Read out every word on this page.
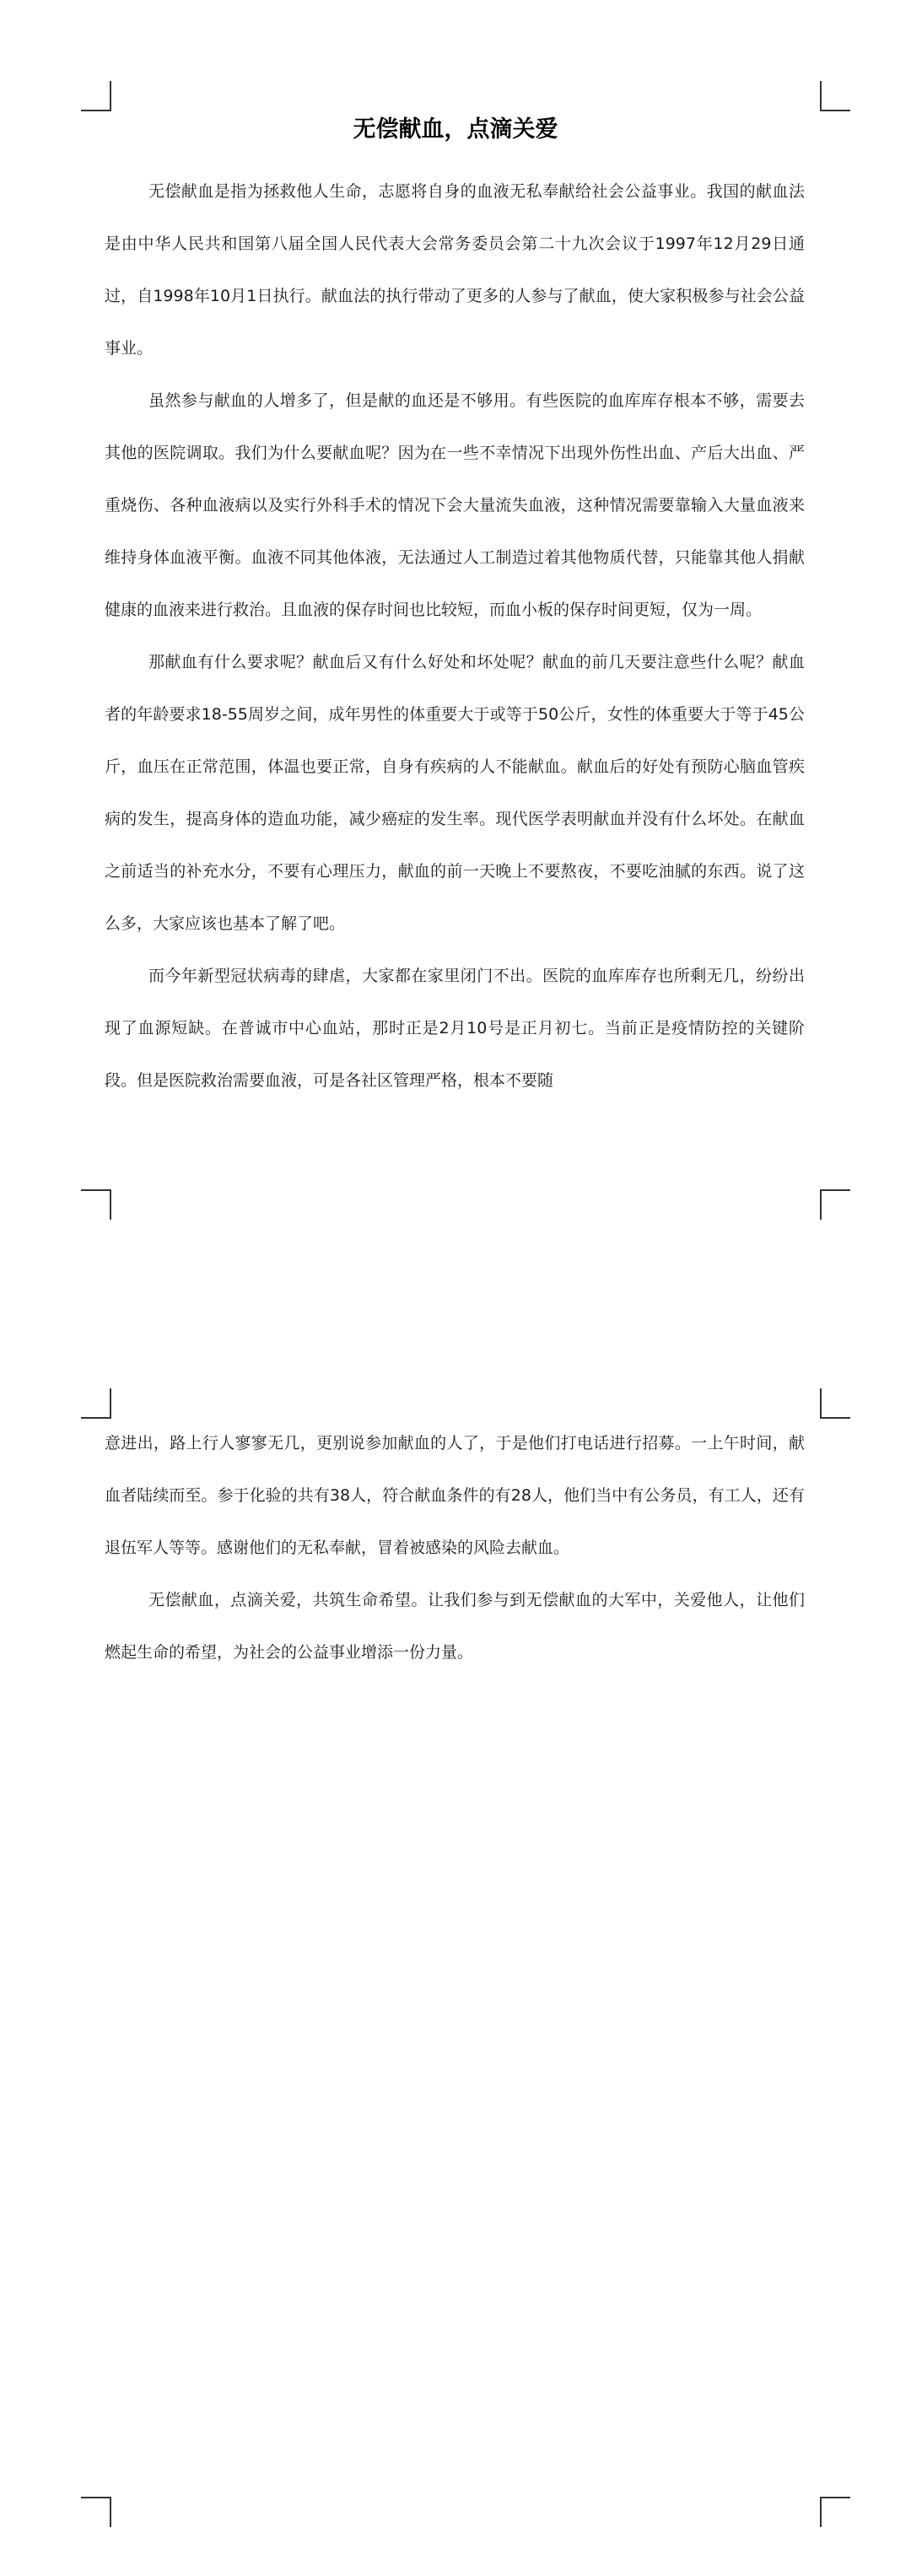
无偿献血，点滴关爱

无偿献血是指为拯救他人生命，志愿将自身的血液无私奉献给社会公益事业。我国的献血法是由中华人民共和国第八届全国人民代表大会常务委员会第二十九次会议于1997年12月29日通过，自1998年10月1日执行。献血法的执行带动了更多的人参与了献血，使大家积极参与社会公益事业。

虽然参与献血的人增多了，但是献的血还是不够用。有些医院的血库库存根本不够，需要去其他的医院调取。我们为什么要献血呢？因为在一些不幸情况下出现外伤性出血、产后大出血、严重烧伤、各种血液病以及实行外科手术的情况下会大量流失血液，这种情况需要靠输入大量血液来维持身体血液平衡。血液不同其他体液，无法通过人工制造过着其他物质代替，只能靠其他人捐献健康的血液来进行救治。且血液的保存时间也比较短，而血小板的保存时间更短，仅为一周。

那献血有什么要求呢？献血后又有什么好处和坏处呢？献血的前几天要注意些什么呢？献血者的年龄要求18-55周岁之间，成年男性的体重要大于或等于50公斤，女性的体重要大于等于45公斤，血压在正常范围，体温也要正常，自身有疾病的人不能献血。献血后的好处有预防心脑血管疾病的发生，提高身体的造血功能，减少癌症的发生率。现代医学表明献血并没有什么坏处。在献血之前适当的补充水分，不要有心理压力，献血的前一天晚上不要熬夜，不要吃油腻的东西。说了这么多，大家应该也基本了解了吧。

而今年新型冠状病毒的肆虐，大家都在家里闭门不出。医院的血库库存也所剩无几，纷纷出现了血源短缺。在普诚市中心血站，那时正是2月10号是正月初七。当前正是疫情防控的关键阶段。但是医院救治需要血液，可是各社区管理严格，根本不要随

意进出，路上行人寥寥无几，更别说参加献血的人了，于是他们打电话进行招募。一上午时间，献血者陆续而至。参于化验的共有38人，符合献血条件的有28人，他们当中有公务员，有工人，还有退伍军人等等。感谢他们的无私奉献，冒着被感染的风险去献血。

无偿献血，点滴关爱，共筑生命希望。让我们参与到无偿献血的大军中，关爱他人，让他们燃起生命的希望，为社会的公益事业增添一份力量。
